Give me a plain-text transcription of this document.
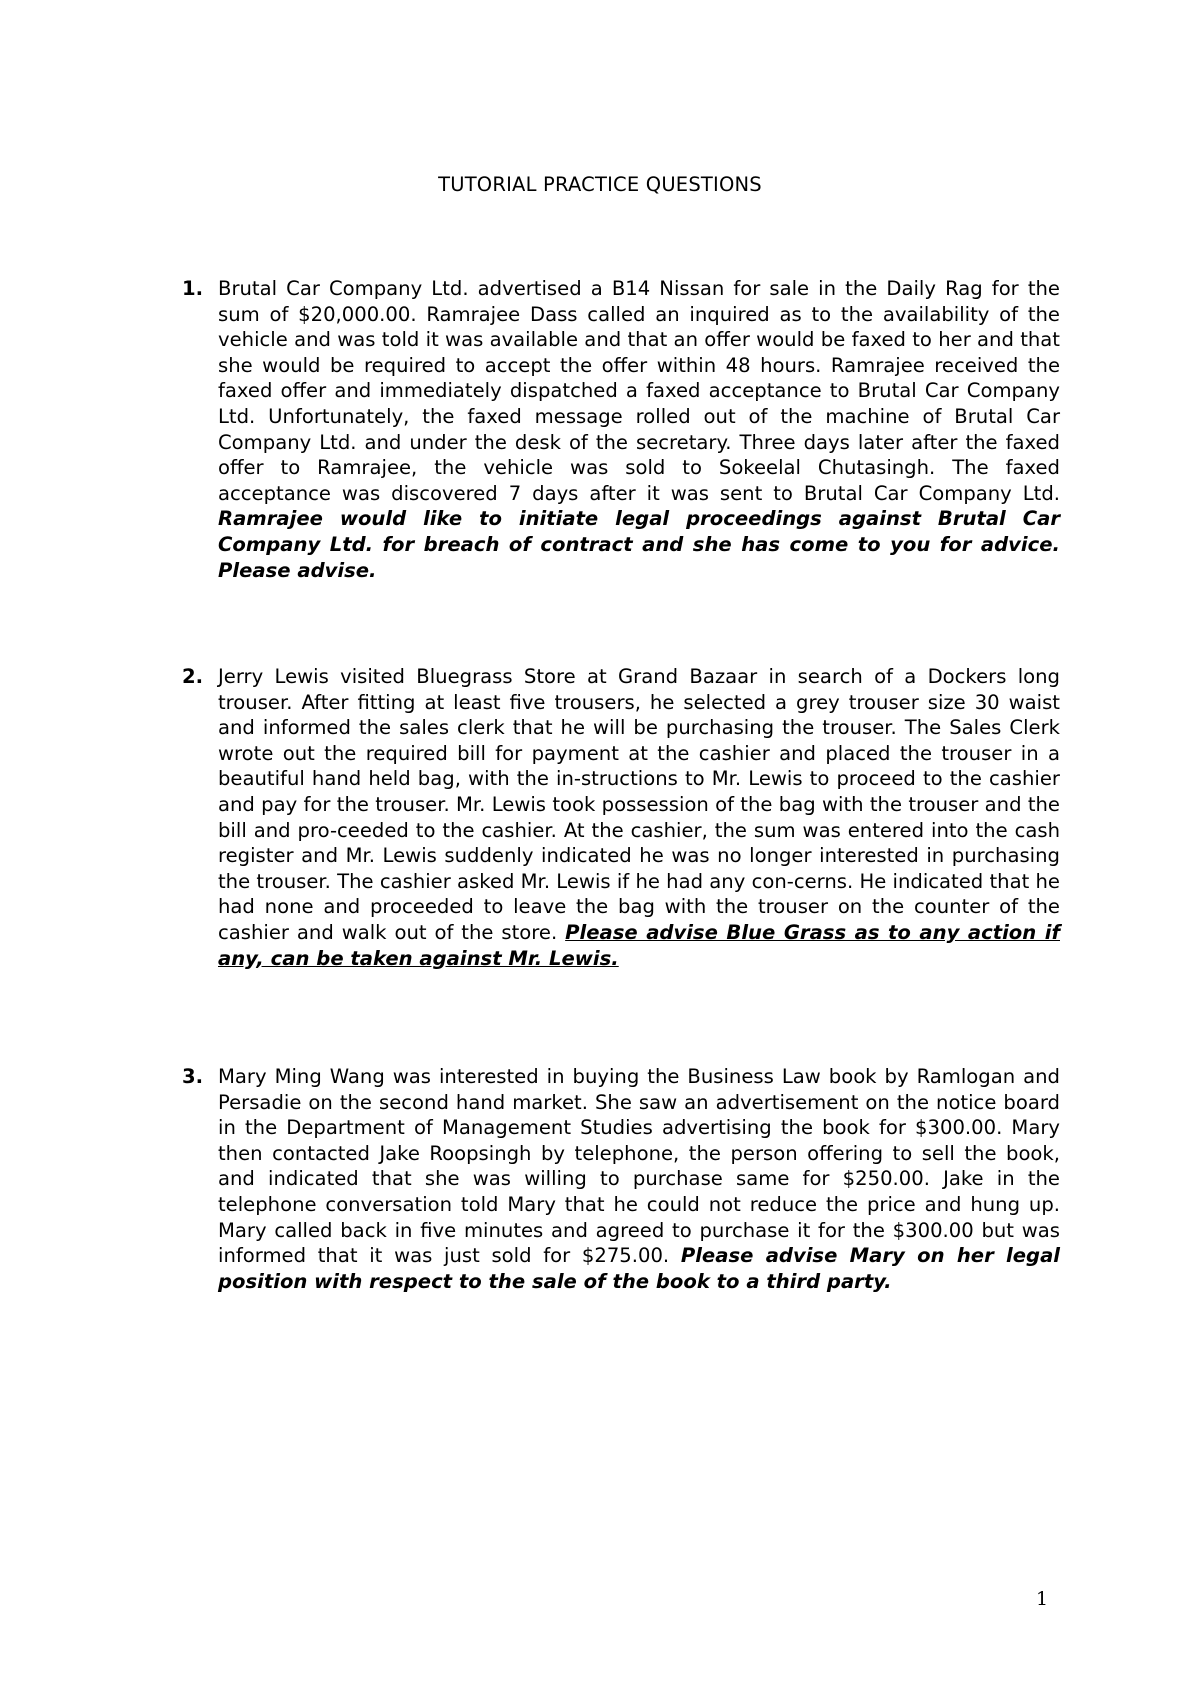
TUTORIAL PRACTICE QUESTIONS
1. Brutal Car Company Ltd. advertised a B14 Nissan for sale in the Daily Rag for the sum of $20,000.00. Ramrajee Dass called an inquired as to the availability of the vehicle and was told it was available and that an offer would be faxed to her and that she would be required to accept the offer within 48 hours. Ramrajee received the faxed offer and immediately dispatched a faxed acceptance to Brutal Car Company Ltd. Unfortunately, the faxed message rolled out of the machine of Brutal Car Company Ltd. and under the desk of the secretary. Three days later after the faxed offer to Ramrajee, the vehicle was sold to Sokeelal Chutasingh. The faxed acceptance was discovered 7 days after it was sent to Brutal Car Company Ltd. Ramrajee would like to initiate legal proceedings against Brutal Car Company Ltd. for breach of contract and she has come to you for advice. Please advise.
2. Jerry Lewis visited Bluegrass Store at Grand Bazaar in search of a Dockers long trouser. After fitting at least five trousers, he selected a grey trouser size 30 waist and informed the sales clerk that he will be purchasing the trouser. The Sales Clerk wrote out the required bill for payment at the cashier and placed the trouser in a beautiful hand held bag, with the in-structions to Mr. Lewis to proceed to the cashier and pay for the trouser. Mr. Lewis took possession of the bag with the trouser and the bill and pro-ceeded to the cashier. At the cashier, the sum was entered into the cash register and Mr. Lewis suddenly indicated he was no longer interested in purchasing the trouser. The cashier asked Mr. Lewis if he had any con-cerns. He indicated that he had none and proceeded to leave the bag with the trouser on the counter of the cashier and walk out of the store. Please advise Blue Grass as to any action if any, can be taken against Mr. Lewis.
3. Mary Ming Wang was interested in buying the Business Law book by Ramlogan and Persadie on the second hand market. She saw an advertisement on the notice board in the Department of Management Studies advertising the book for $300.00. Mary then contacted Jake Roopsingh by telephone, the person offering to sell the book, and indicated that she was willing to purchase same for $250.00. Jake in the telephone conversation told Mary that he could not reduce the price and hung up. Mary called back in five minutes and agreed to purchase it for the $300.00 but was informed that it was just sold for $275.00. Please advise Mary on her legal position with respect to the sale of the book to a third party.
1
